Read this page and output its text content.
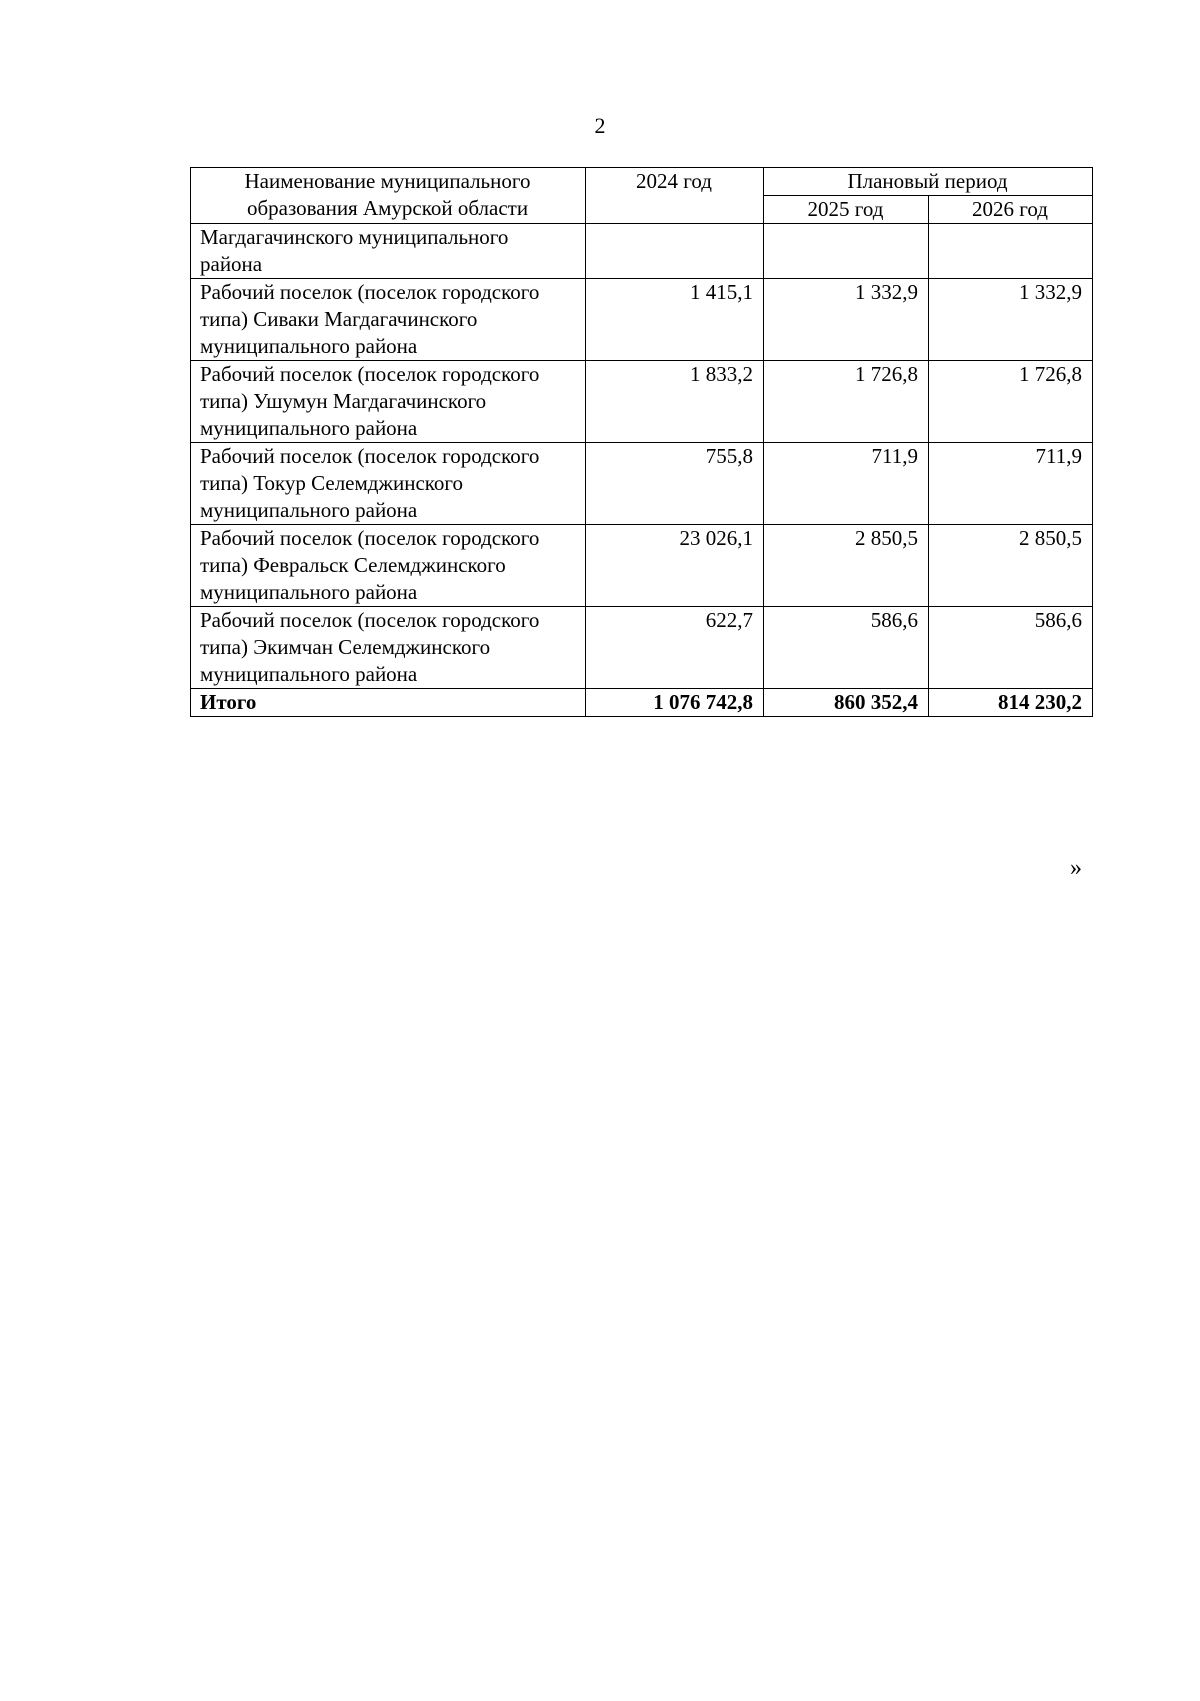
2
Наименование муниципального образования Амурской области	2024 год	Плановый период	
		2025 год	2026 год
Магдагачинского муниципального района			
Рабочий поселок (поселок городского типа) Сиваки Магдагачинского муниципального района	1 415,1	1 332,9	1 332,9
Рабочий поселок (поселок городского типа) Ушумун Магдагачинского муниципального района	1 833,2	1 726,8	1 726,8
Рабочий поселок (поселок городского типа) Токур Селемджинского муниципального района	755,8	711,9	711,9
Рабочий поселок (поселок городского типа) Февральск Селемджинского муниципального района	23 026,1	2 850,5	2 850,5
Рабочий поселок (поселок городского типа) Экимчан Селемджинского муниципального района	622,7	586,6	586,6
Итого	1 076 742,8	860 352,4	814 230,2
»
